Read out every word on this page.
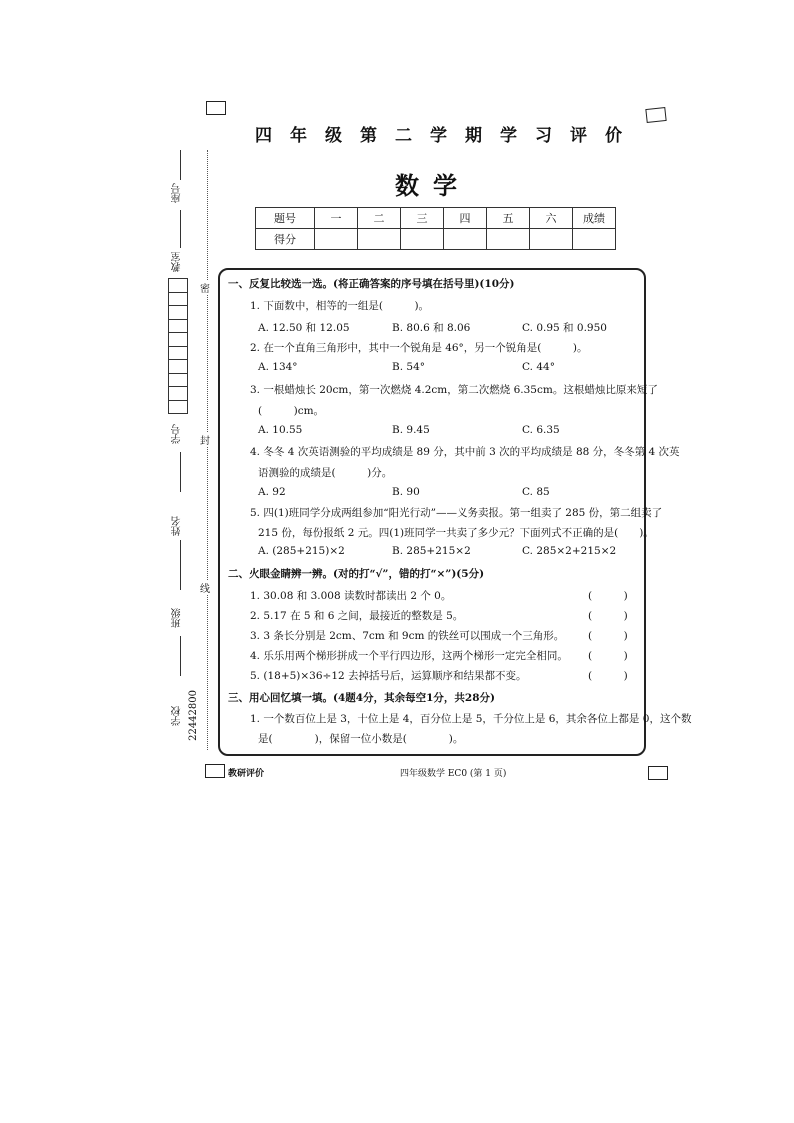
四年级第二学期学习评价
数学
题号	一	二	三	四	五	六	成绩
得分							
座号
教室
学号
姓名
班级
学校 22442800
密
封
线
一、反复比较选一选。(将正确答案的序号填在括号里)(10分)
1. 下面数中，相等的一组是(　　　)。
A. 12.50 和 12.05	B. 80.6 和 8.06	C. 0.95 和 0.950
2. 在一个直角三角形中，其中一个锐角是 46°，另一个锐角是(　　　)。
A. 134°	B. 54°	C. 44°
3. 一根蜡烛长 20cm，第一次燃烧 4.2cm，第二次燃烧 6.35cm。这根蜡烛比原来短了
(　　　)cm。
A. 10.55	B. 9.45	C. 6.35
4. 冬冬 4 次英语测验的平均成绩是 89 分，其中前 3 次的平均成绩是 88 分，冬冬第 4 次英
语测验的成绩是(　　　)分。
A. 92	B. 90	C. 85
5. 四(1)班同学分成两组参加“阳光行动”——义务卖报。第一组卖了 285 份，第二组卖了
215 份，每份报纸 2 元。四(1)班同学一共卖了多少元？下面列式不正确的是(　　)。
A. (285+215)×2	B. 285+215×2	C. 285×2+215×2
二、火眼金睛辨一辨。(对的打“√”，错的打“×”)(5分)
1. 30.08 和 3.008 读数时都读出 2 个 0。	(　　　)
2. 5.17 在 5 和 6 之间，最接近的整数是 5。	(　　　)
3. 3 条长分别是 2cm、7cm 和 9cm 的铁丝可以围成一个三角形。 (　　　)
4. 乐乐用两个梯形拼成一个平行四边形，这两个梯形一定完全相同。 (　　　)
5. (18+5)×36÷12 去掉括号后，运算顺序和结果都不变。	(　　　)
三、用心回忆填一填。(4题4分，其余每空1分，共28分)
1. 一个数百位上是 3，十位上是 4，百分位上是 5，千分位上是 6，其余各位上都是 0，这个数
是(　　　　)，保留一位小数是(　　　　)。
教研评价	四年级数学 EC0 (第 1 页)
